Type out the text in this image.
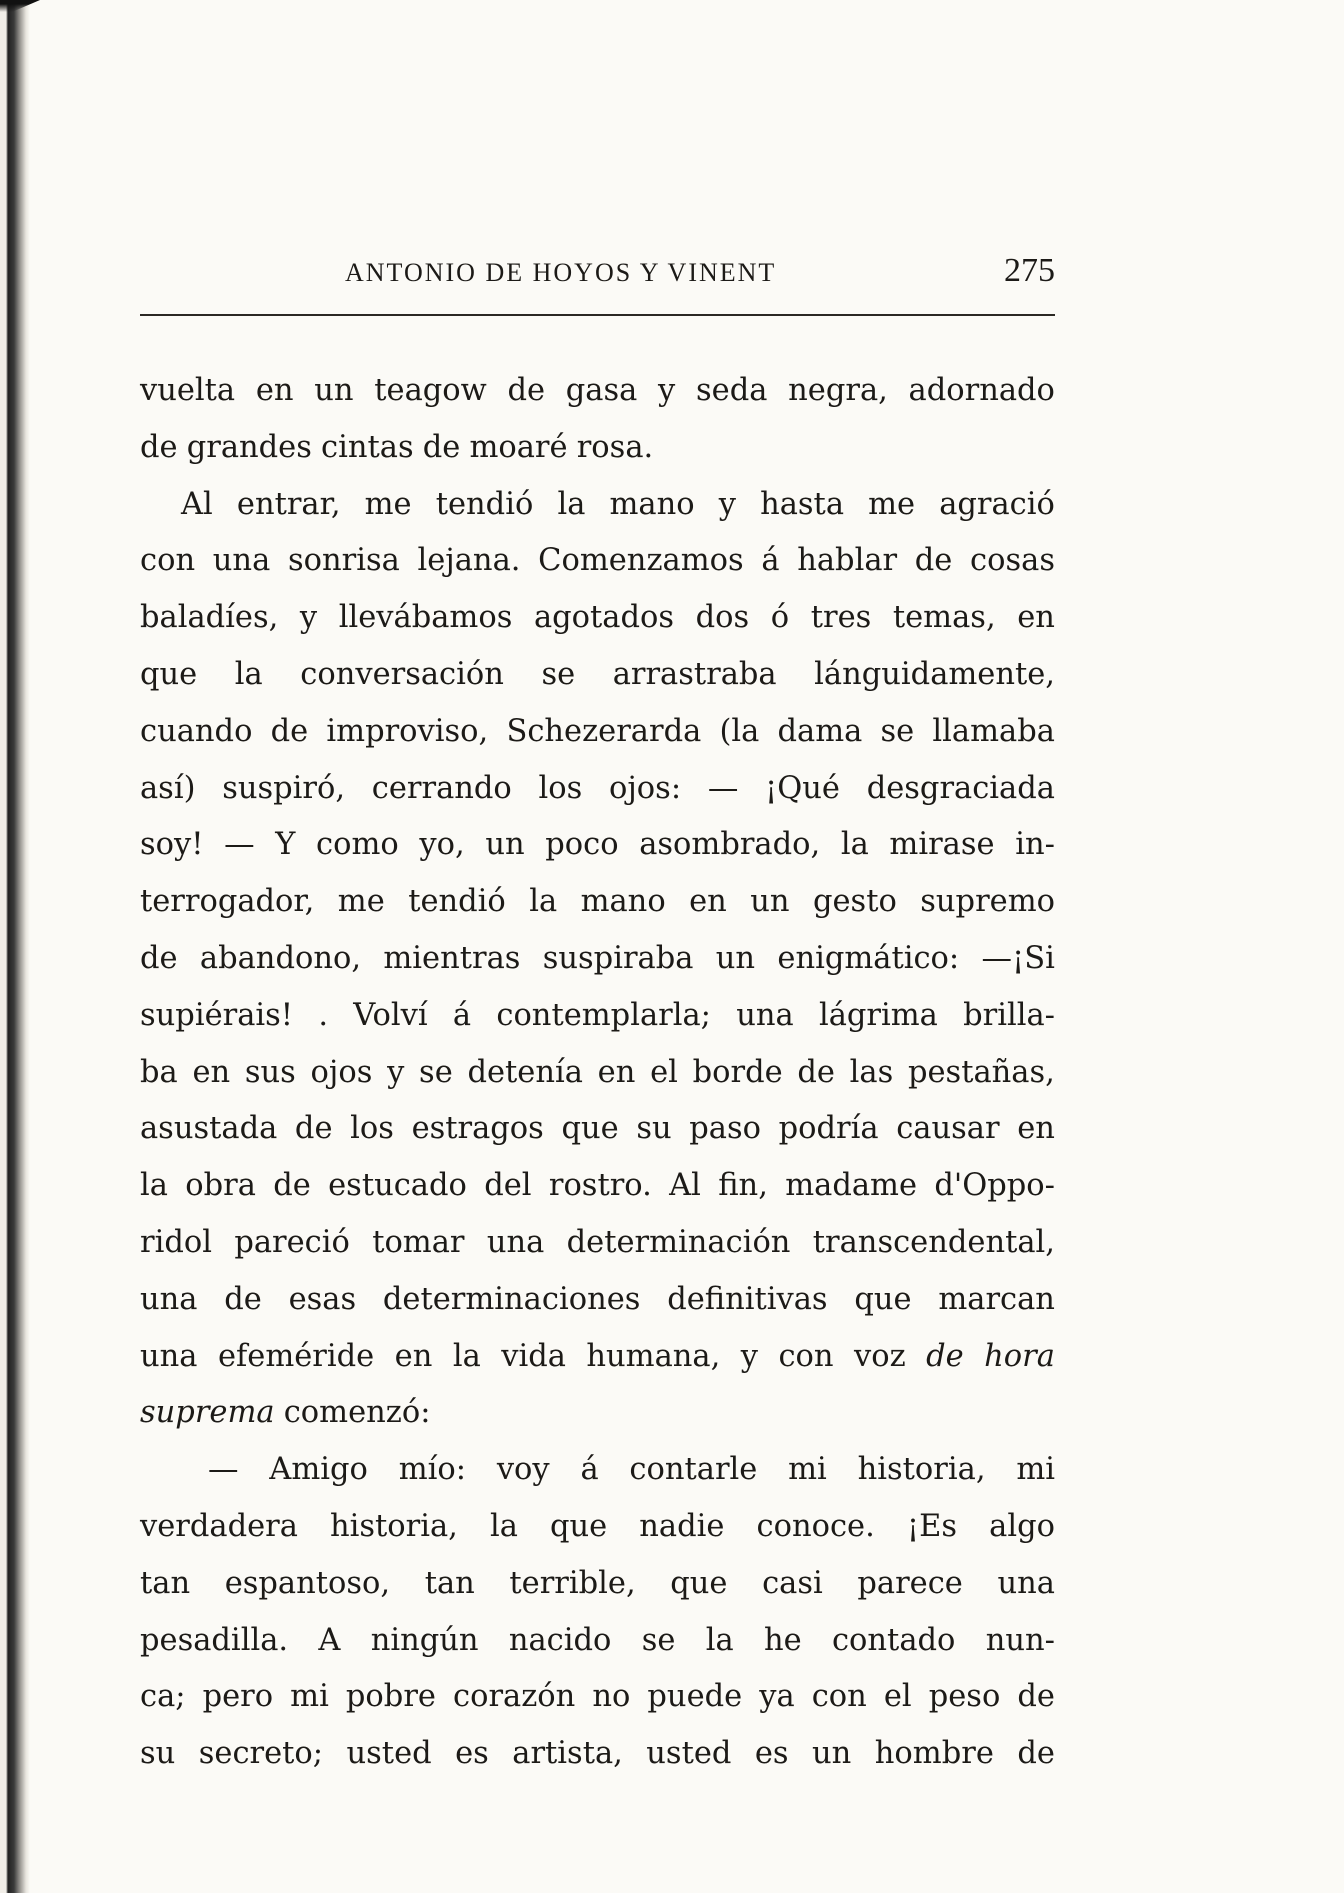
ANTONIO DE HOYOS Y VINENT	275
vuelta en un teagow de gasa y seda negra, adornado
de grandes cintas de moaré rosa.
Al entrar, me tendió la mano y hasta me agració
con una sonrisa lejana. Comenzamos á hablar de cosas
baladíes, y llevábamos agotados dos ó tres temas, en
que la conversación se arrastraba lánguidamente,
cuando de improviso, Schezerarda (la dama se llamaba
así) suspiró, cerrando los ojos: — ¡Qué desgraciada
soy! — Y como yo, un poco asombrado, la mirase in-
terrogador, me tendió la mano en un gesto supremo
de abandono, mientras suspiraba un enigmático: —¡Si
supiérais! . Volví á contemplarla; una lágrima brilla-
ba en sus ojos y se detenía en el borde de las pestañas,
asustada de los estragos que su paso podría causar en
la obra de estucado del rostro. Al fin, madame d'Oppo-
ridol pareció tomar una determinación transcendental,
una de esas determinaciones definitivas que marcan
una efeméride en la vida humana, y con voz de hora
suprema comenzó:
— Amigo mío: voy á contarle mi historia, mi
verdadera historia, la que nadie conoce. ¡Es algo
tan espantoso, tan terrible, que casi parece una
pesadilla. A ningún nacido se la he contado nun-
ca; pero mi pobre corazón no puede ya con el peso de
su secreto; usted es artista, usted es un hombre de
